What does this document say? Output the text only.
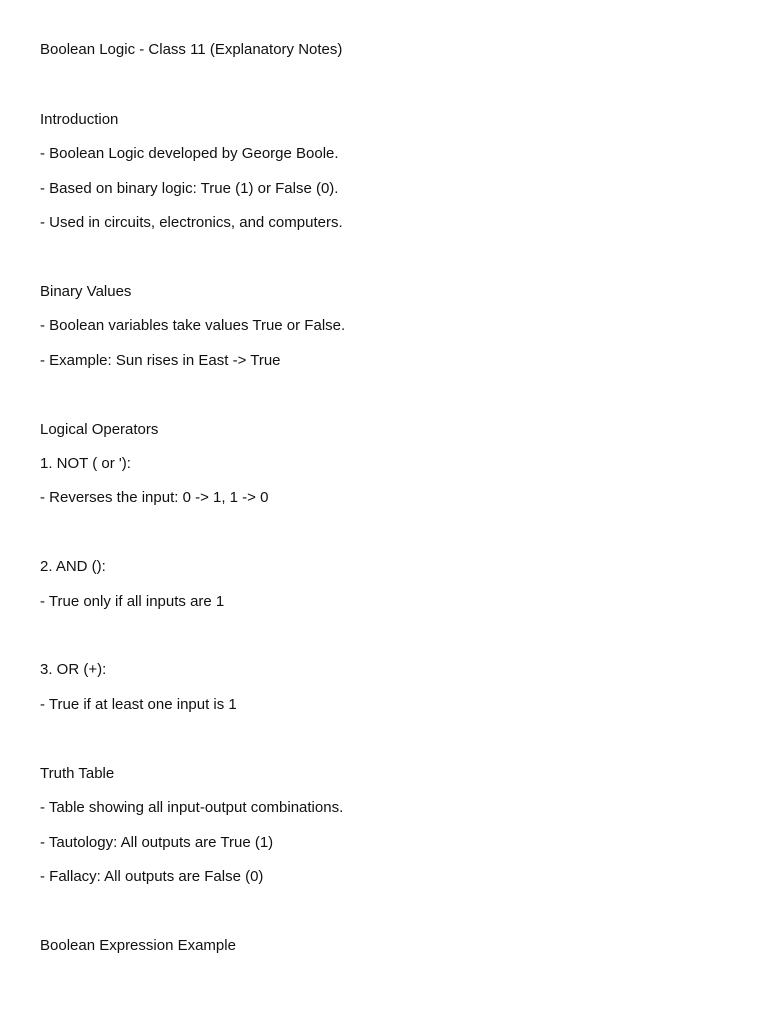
Boolean Logic - Class 11 (Explanatory Notes)
Introduction
- Boolean Logic developed by George Boole.
- Based on binary logic: True (1) or False (0).
- Used in circuits, electronics, and computers.
Binary Values
- Boolean variables take values True or False.
- Example: Sun rises in East -> True
Logical Operators
1. NOT ( or '):
- Reverses the input: 0 -> 1, 1 -> 0
2. AND ():
- True only if all inputs are 1
3. OR (+):
- True if at least one input is 1
Truth Table
- Table showing all input-output combinations.
- Tautology: All outputs are True (1)
- Fallacy: All outputs are False (0)
Boolean Expression Example
